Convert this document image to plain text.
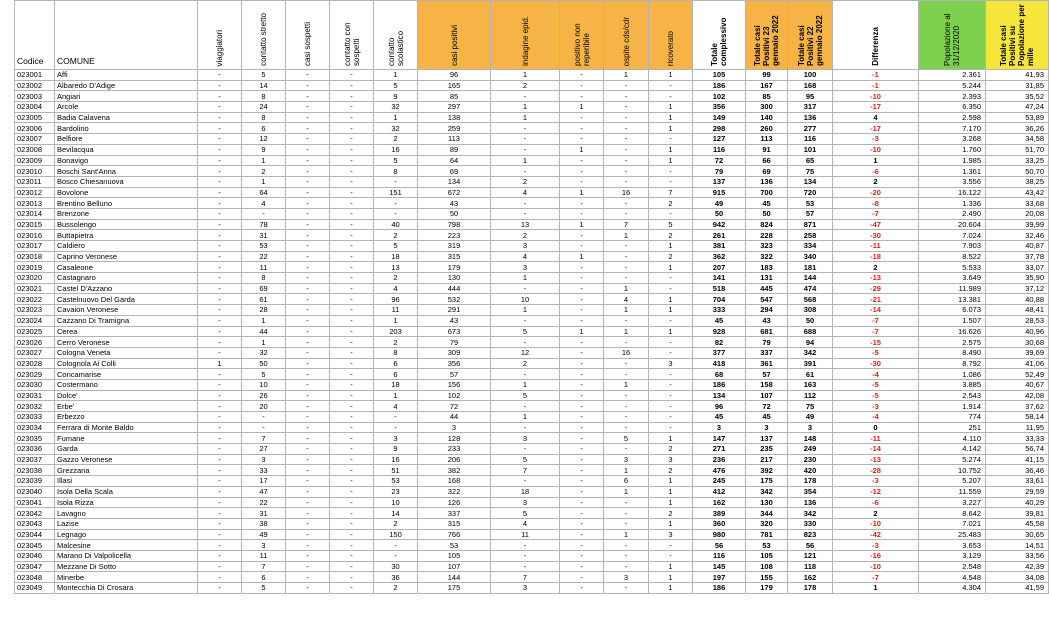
Codice	COMUNE	viaggiatori	contatto stretto	casi sospetti	contatto con sospetti	contatto scolastico	casi positivi	indagine epid.	positivo non reperibile	ospite cds/cdr	ricoverato	Totale complessivo	Totale casi Positivi 23 gennaio 2022	Totale casi Positivi 22 gennaio 2022	Differenza	Popolazione al 31/12/2020	Totale casi Positivi su Popolazione per mille

023001	Affi	-	5	-	-	1	96	1	-	1	1	105	99	100	-1	2.361	41,93
023002	Albaredo D'Adige	-	14	-	-	5	165	2	-	-	-	186	167	168	-1	5.244	31,85
023003	Angiari	-	8	-	-	9	85	-	-	-	-	102	85	95	-10	2.393	35,52
023004	Arcole	-	24	-	-	32	297	1	1	-	1	356	300	317	-17	6.350	47,24
023005	Badia Calavena	-	8	-	-	1	138	1	-	-	1	149	140	136	4	2.598	53,89
023006	Bardolino	-	6	-	-	32	259	-	-	-	1	298	260	277	-17	7.170	36,26
023007	Belfiore	-	12	-	-	2	113	-	-	-	-	127	113	116	-3	3.268	34,58
023008	Bevilacqua	-	9	-	-	16	89	-	1	-	1	116	91	101	-10	1.760	51,70
023009	Bonavigo	-	1	-	-	5	64	1	-	-	1	72	66	65	1	1.985	33,25
023010	Boschi Sant'Anna	-	2	-	-	8	69	-	-	-	-	79	69	75	-6	1.361	50,70
023011	Bosco Chiesanuova	-	1	-	-	-	134	2	-	-	-	137	136	134	2	3.556	38,25
023012	Bovolone	-	64	-	-	151	672	4	1	16	7	915	700	720	-20	16.122	43,42
023013	Brentino Belluno	-	4	-	-	-	43	-	-	-	2	49	45	53	-8	1.336	33,68
023014	Brenzone	-	-	-	-	-	50	-	-	-	-	50	50	57	-7	2.490	20,08
023015	Bussolengo	-	78	-	-	40	798	13	1	7	5	942	824	871	-47	20.604	39,99
023016	Buttapietra	-	31	-	-	2	223	2	-	1	2	261	228	258	-30	7.024	32,46
023017	Caldiero	-	53	-	-	5	319	3	-	-	1	381	323	334	-11	7.903	40,87
023018	Caprino Veronese	-	22	-	-	18	315	4	1	-	2	362	322	340	-18	8.522	37,78
023019	Casaleone	-	11	-	-	13	179	3	-	-	1	207	183	181	2	5.533	33,07
023020	Castagnaro	-	8	-	-	2	130	1	-	-	-	141	131	144	-13	3.649	35,90
023021	Castel D'Azzano	-	69	-	-	4	444	-	-	1	-	518	445	474	-29	11.989	37,12
023022	Castelnuovo Del Garda	-	61	-	-	96	532	10	-	4	1	704	547	568	-21	13.381	40,88
023023	Cavaion Veronese	-	28	-	-	11	291	1	-	1	1	333	294	308	-14	6.073	48,41
023024	Cazzano Di Tramigna	-	1	-	-	1	43	-	-	-	-	45	43	50	-7	1.507	28,53
023025	Cerea	-	44	-	-	203	673	5	1	1	1	928	681	688	-7	16.626	40,96
023026	Cerro Veronese	-	1	-	-	2	79	-	-	-	-	82	79	94	-15	2.575	30,68
023027	Cologna Veneta	-	32	-	-	8	309	12	-	16	-	377	337	342	-5	8.490	39,69
023028	Colognola Ai Colli	1	50	-	-	6	356	2	-	-	3	418	361	391	-30	8.792	41,06
023029	Concamarise	-	5	-	-	6	57	-	-	-	-	68	57	61	-4	1.086	52,49
023030	Costermano	-	10	-	-	18	156	1	-	1	-	186	158	163	-5	3.885	40,67
023031	Dolce'	-	26	-	-	1	102	5	-	-	-	134	107	112	-5	2.543	42,08
023032	Erbe'	-	20	-	-	4	72	-	-	-	-	96	72	75	-3	1.914	37,62
023033	Erbezzo	-	-	-	-	-	44	1	-	-	-	45	45	49	-4	774	58,14
023034	Ferrara di Monte Baldo	-	-	-	-	-	3	-	-	-	-	3	3	3	0	251	11,95
023035	Fumane	-	7	-	-	3	128	3	-	5	1	147	137	148	-11	4.110	33,33
023036	Garda	-	27	-	-	9	233	-	-	-	2	271	235	249	-14	4.142	56,74
023037	Gazzo Veronese	-	3	-	-	16	206	5	-	3	3	236	217	230	-13	5.274	41,15
023038	Grezzana	-	33	-	-	51	382	7	-	1	2	476	392	420	-28	10.752	36,46
023039	Illasi	-	17	-	-	53	168	-	-	6	1	245	175	178	-3	5.207	33,61
023040	Isola Della Scala	-	47	-	-	23	322	18	-	1	1	412	342	354	-12	11.559	29,59
023041	Isola Rizza	-	22	-	-	10	126	3	-	-	1	162	130	136	-6	3.227	40,29
023042	Lavagno	-	31	-	-	14	337	5	-	-	2	389	344	342	2	8.642	39,81
023043	Lazise	-	38	-	-	2	315	4	-	-	1	360	320	330	-10	7.021	45,58
023044	Legnago	-	49	-	-	150	766	11	-	1	3	980	781	823	-42	25.483	30,65
023045	Malcesine	-	3	-	-	-	53	-	-	-	-	56	53	56	-3	3.653	14,51
023046	Marano Di Valpolicella	-	11	-	-	-	105	-	-	-	-	116	105	121	-16	3.129	33,56
023047	Mezzane Di Sotto	-	7	-	-	30	107	-	-	-	1	145	108	118	-10	2.548	42,39
023048	Minerbe	-	6	-	-	36	144	7	-	3	1	197	155	162	-7	4.548	34,08
023049	Montecchia Di Crosara	-	5	-	-	2	175	3	-	-	1	186	179	178	1	4.304	41,59
